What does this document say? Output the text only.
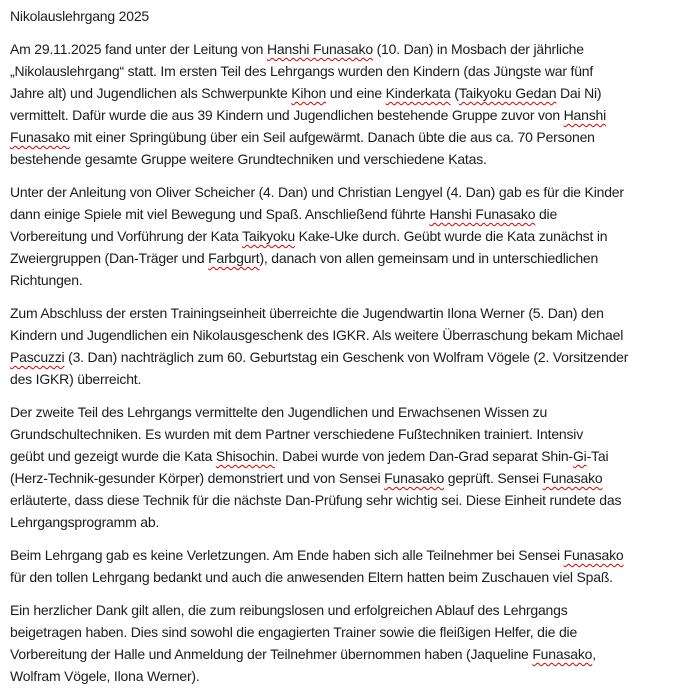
Nikolauslehrgang 2025
Am 29.11.2025 fand unter der Leitung von Hanshi Funasako (10. Dan) in Mosbach der jährliche
„Nikolauslehrgang“ statt. Im ersten Teil des Lehrgangs wurden den Kindern (das Jüngste war fünf
Jahre alt) und Jugendlichen als Schwerpunkte Kihon und eine Kinderkata (Taikyoku Gedan Dai Ni)
vermittelt. Dafür wurde die aus 39 Kindern und Jugendlichen bestehende Gruppe zuvor von Hanshi
Funasako mit einer Springübung über ein Seil aufgewärmt. Danach übte die aus ca. 70 Personen
bestehende gesamte Gruppe weitere Grundtechniken und verschiedene Katas.
Unter der Anleitung von Oliver Scheicher (4. Dan) und Christian Lengyel (4. Dan) gab es für die Kinder
dann einige Spiele mit viel Bewegung und Spaß. Anschließend führte Hanshi Funasako die
Vorbereitung und Vorführung der Kata Taikyoku Kake-Uke durch. Geübt wurde die Kata zunächst in
Zweiergruppen (Dan-Träger und Farbgurt), danach von allen gemeinsam und in unterschiedlichen
Richtungen.
Zum Abschluss der ersten Trainingseinheit überreichte die Jugendwartin Ilona Werner (5. Dan) den
Kindern und Jugendlichen ein Nikolausgeschenk des IGKR. Als weitere Überraschung bekam Michael
Pascuzzi (3. Dan) nachträglich zum 60. Geburtstag ein Geschenk von Wolfram Vögele (2. Vorsitzender
des IGKR) überreicht.
Der zweite Teil des Lehrgangs vermittelte den Jugendlichen und Erwachsenen Wissen zu
Grundschultechniken. Es wurden mit dem Partner verschiedene Fußtechniken trainiert. Intensiv
geübt und gezeigt wurde die Kata Shisochin. Dabei wurde von jedem Dan-Grad separat Shin-Gi-Tai
(Herz-Technik-gesunder Körper) demonstriert und von Sensei Funasako geprüft. Sensei Funasako
erläuterte, dass diese Technik für die nächste Dan-Prüfung sehr wichtig sei. Diese Einheit rundete das
Lehrgangsprogramm ab.
Beim Lehrgang gab es keine Verletzungen. Am Ende haben sich alle Teilnehmer bei Sensei Funasako
für den tollen Lehrgang bedankt und auch die anwesenden Eltern hatten beim Zuschauen viel Spaß.
Ein herzlicher Dank gilt allen, die zum reibungslosen und erfolgreichen Ablauf des Lehrgangs
beigetragen haben. Dies sind sowohl die engagierten Trainer sowie die fleißigen Helfer, die die
Vorbereitung der Halle und Anmeldung der Teilnehmer übernommen haben (Jaqueline Funasako,
Wolfram Vögele, Ilona Werner).
